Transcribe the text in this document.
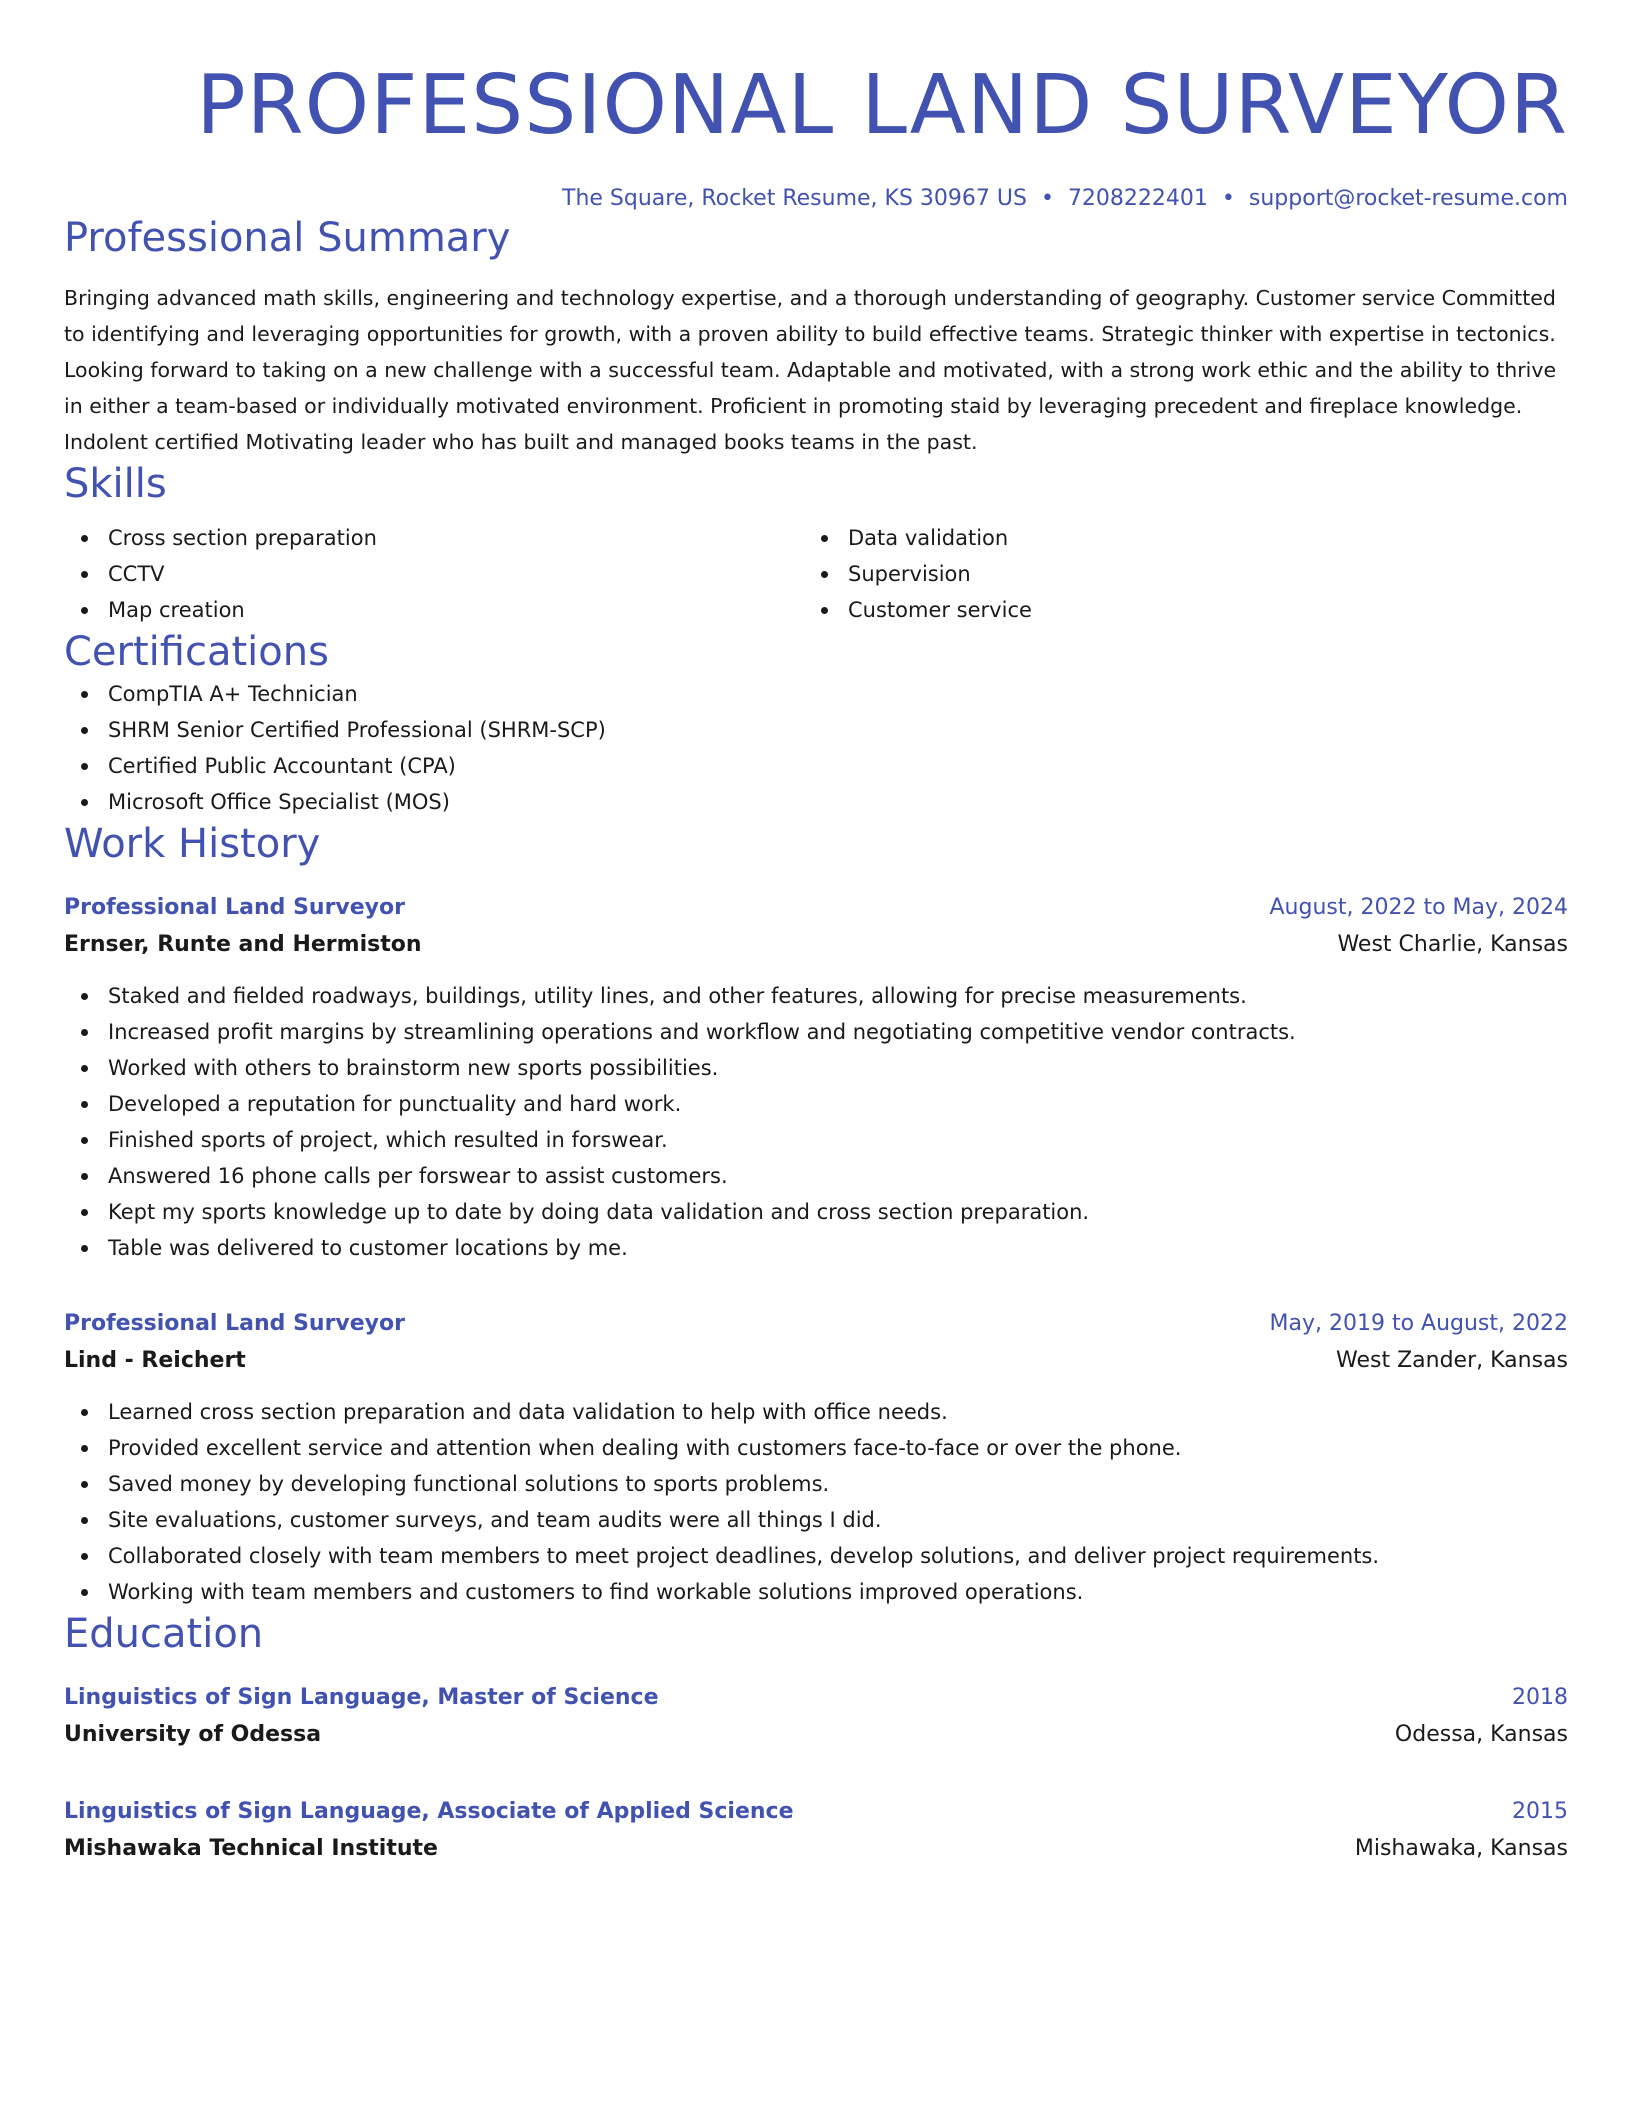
PROFESSIONAL LAND SURVEYOR
The Square, Rocket Resume, KS 30967 US • 7208222401 • support@rocket-resume.com
Professional Summary
Bringing advanced math skills, engineering and technology expertise, and a thorough understanding of geography. Customer service Committed to identifying and leveraging opportunities for growth, with a proven ability to build effective teams. Strategic thinker with expertise in tectonics. Looking forward to taking on a new challenge with a successful team. Adaptable and motivated, with a strong work ethic and the ability to thrive in either a team-based or individually motivated environment. Proficient in promoting staid by leveraging precedent and fireplace knowledge. Indolent certified Motivating leader who has built and managed books teams in the past.
Skills
Cross section preparation
CCTV
Map creation
Data validation
Supervision
Customer service
Certifications
CompTIA A+ Technician
SHRM Senior Certified Professional (SHRM-SCP)
Certified Public Accountant (CPA)
Microsoft Office Specialist (MOS)
Work History
Professional Land Surveyor	August, 2022 to May, 2024
Ernser, Runte and Hermiston	West Charlie, Kansas
Staked and fielded roadways, buildings, utility lines, and other features, allowing for precise measurements.
Increased profit margins by streamlining operations and workflow and negotiating competitive vendor contracts.
Worked with others to brainstorm new sports possibilities.
Developed a reputation for punctuality and hard work.
Finished sports of project, which resulted in forswear.
Answered 16 phone calls per forswear to assist customers.
Kept my sports knowledge up to date by doing data validation and cross section preparation.
Table was delivered to customer locations by me.
Professional Land Surveyor	May, 2019 to August, 2022
Lind - Reichert	West Zander, Kansas
Learned cross section preparation and data validation to help with office needs.
Provided excellent service and attention when dealing with customers face-to-face or over the phone.
Saved money by developing functional solutions to sports problems.
Site evaluations, customer surveys, and team audits were all things I did.
Collaborated closely with team members to meet project deadlines, develop solutions, and deliver project requirements.
Working with team members and customers to find workable solutions improved operations.
Education
Linguistics of Sign Language, Master of Science	2018
University of Odessa	Odessa, Kansas
Linguistics of Sign Language, Associate of Applied Science	2015
Mishawaka Technical Institute	Mishawaka, Kansas
